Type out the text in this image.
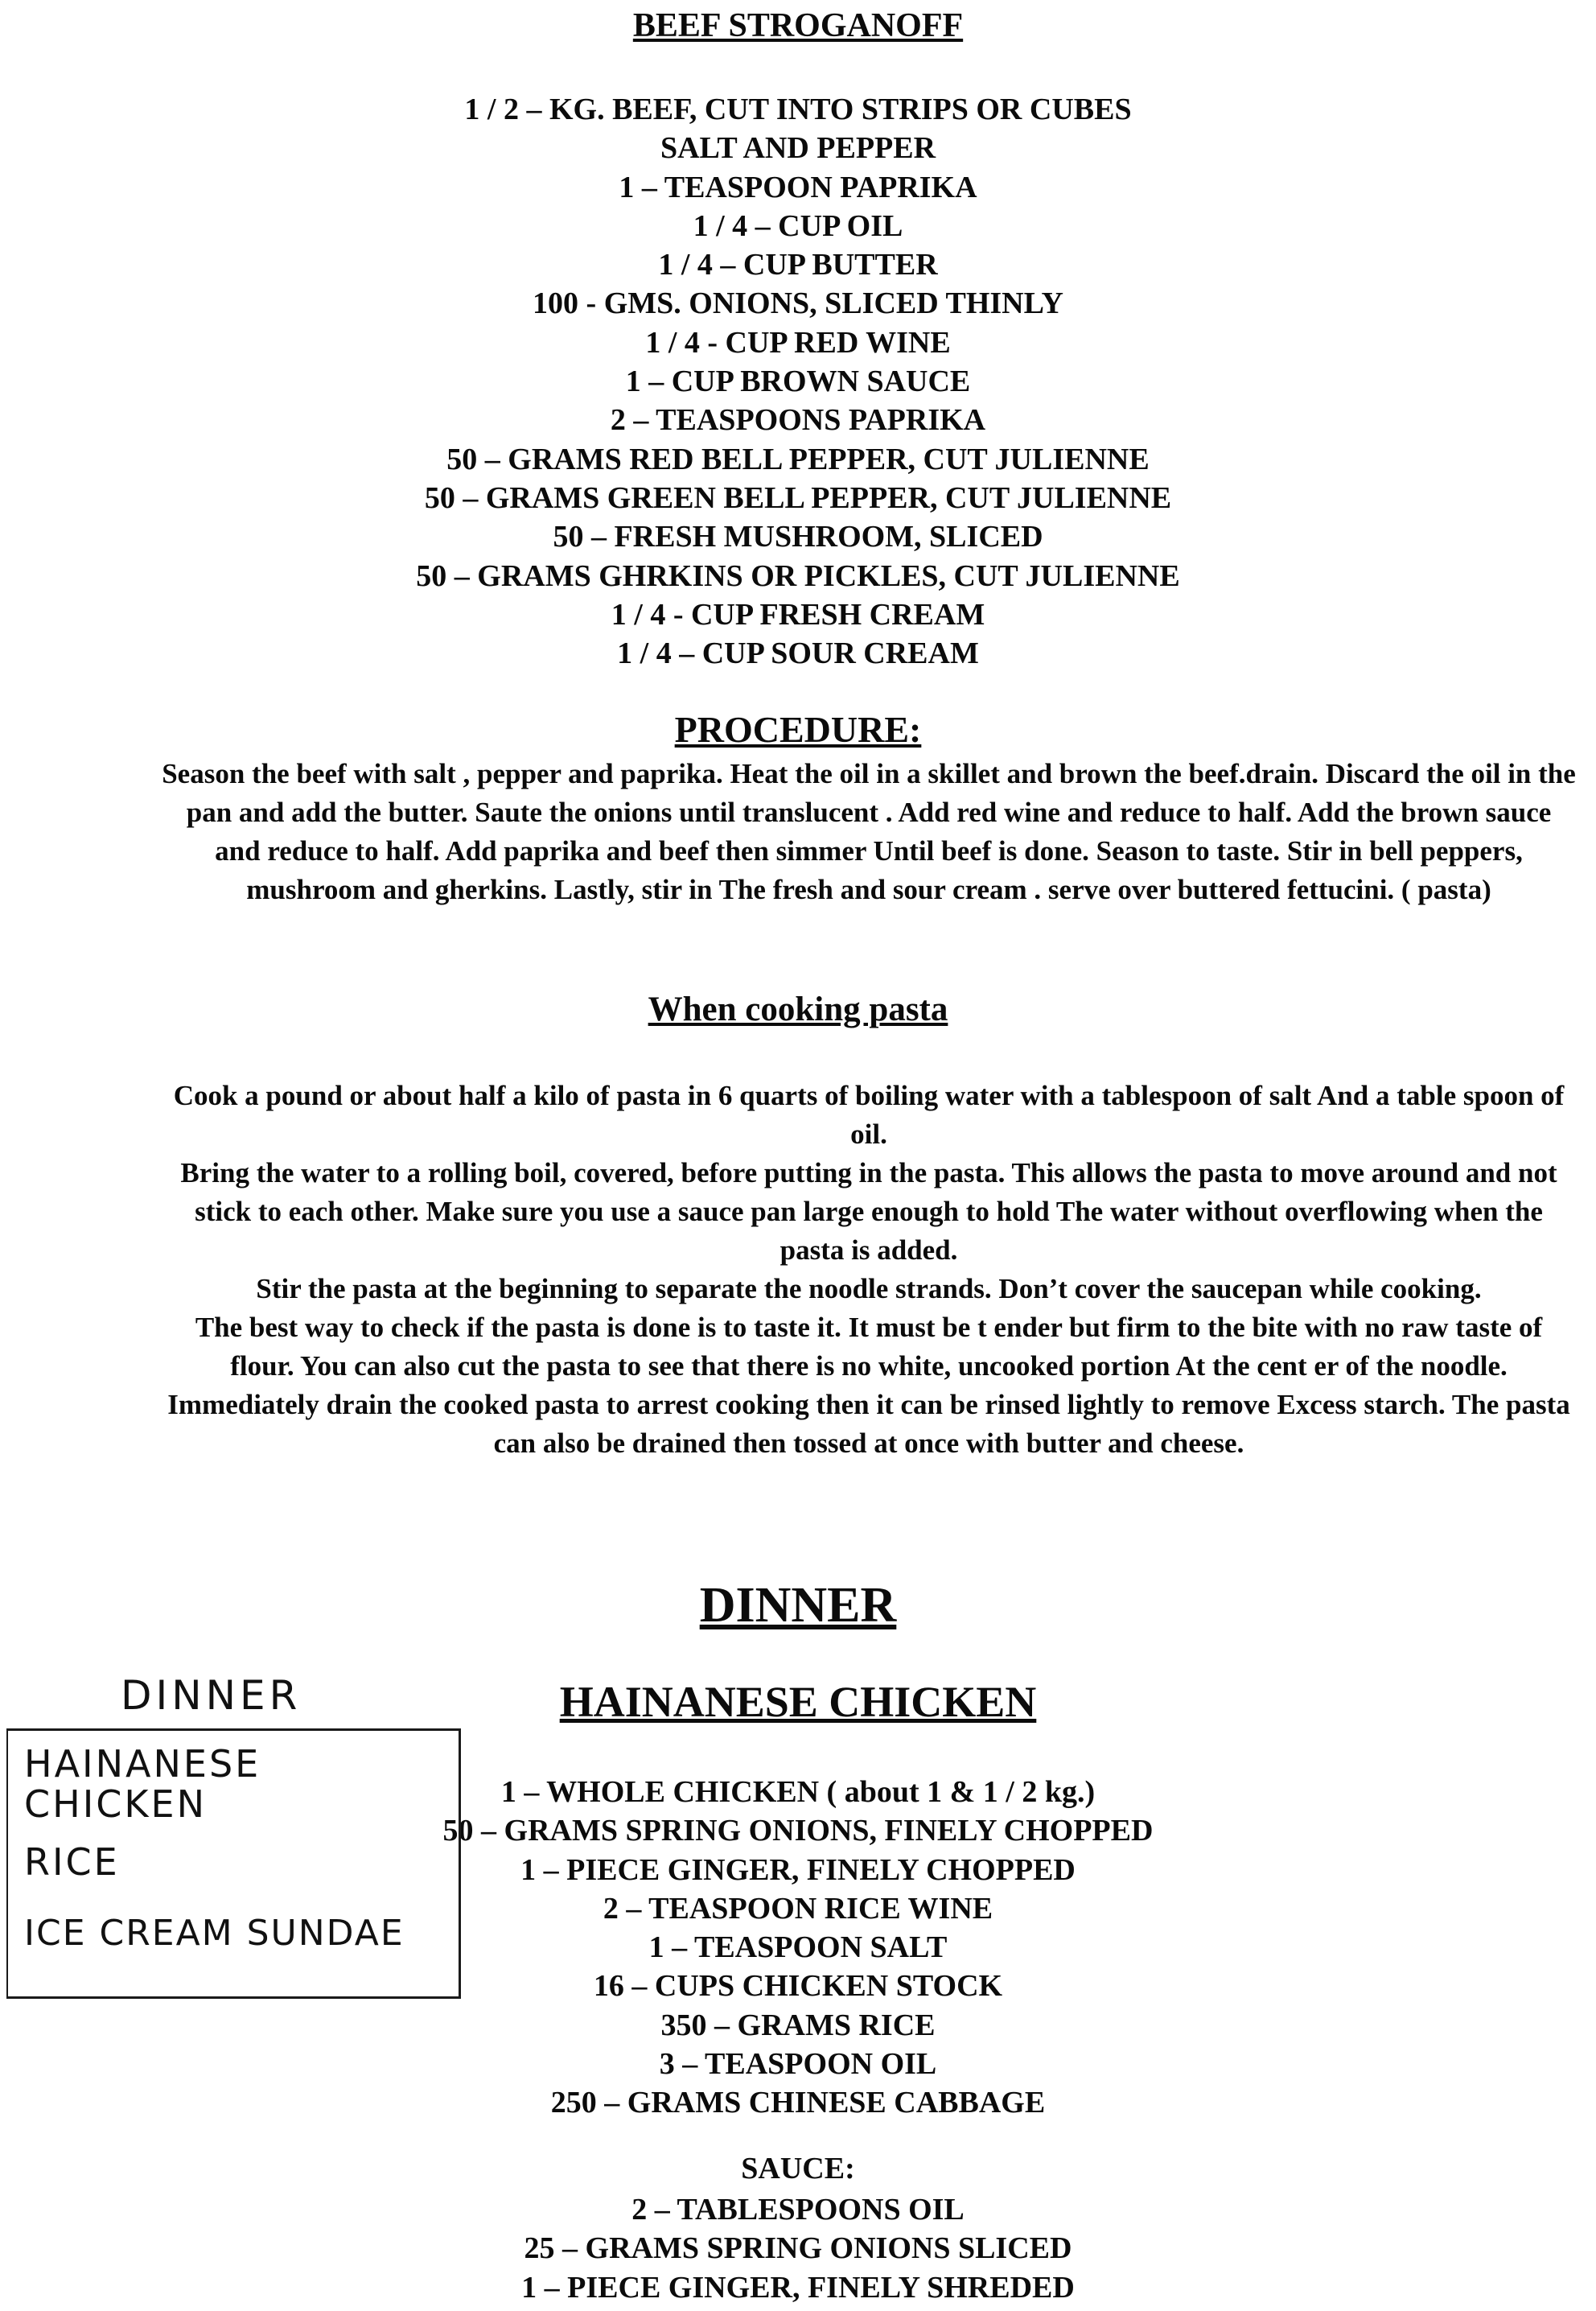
BEEF STROGANOFF
1 / 2 – KG. BEEF, CUT INTO STRIPS OR CUBES
SALT AND PEPPER
1 – TEASPOON PAPRIKA
1 / 4 – CUP OIL
1 / 4 – CUP BUTTER
100 - GMS. ONIONS, SLICED THINLY
1 / 4 - CUP RED WINE
1 – CUP BROWN SAUCE
2 – TEASPOONS PAPRIKA
50 – GRAMS RED BELL PEPPER, CUT JULIENNE
50 – GRAMS GREEN BELL PEPPER, CUT JULIENNE
50 – FRESH MUSHROOM, SLICED
50 – GRAMS GHRKINS OR PICKLES, CUT JULIENNE
1 / 4 - CUP FRESH CREAM
1 / 4 – CUP SOUR CREAM
PROCEDURE:
Season the beef with salt , pepper and paprika. Heat the oil in a skillet and brown the beef.drain. Discard the oil in the pan and add the butter. Saute the onions until translucent . Add red wine and reduce to half. Add the brown sauce and reduce to half. Add paprika and beef then simmer Until beef is done. Season to taste. Stir in bell peppers, mushroom and gherkins. Lastly, stir in The fresh and sour cream . serve over buttered fettucini. ( pasta)
When cooking pasta
Cook a pound or about half a kilo of pasta in 6 quarts of boiling water with a tablespoon of salt And a table spoon of oil.
Bring the water to a rolling boil, covered, before putting in the pasta. This allows the pasta to move around and not stick to each other. Make sure you use a sauce pan large enough to hold The water without overflowing when the pasta is added.
Stir the pasta at the beginning to separate the noodle strands. Don’t cover the saucepan while cooking.
The best way to check if the pasta is done is to taste it. It must be t ender but firm to the bite with no raw taste of flour. You can also cut the pasta to see that there is no white, uncooked portion At the cent er of the noodle.
Immediately drain the cooked pasta to arrest cooking then it can be rinsed lightly to remove Excess starch. The pasta can also be drained then tossed at once with butter and cheese.
DINNER
HAINANESE CHICKEN
1 – WHOLE CHICKEN ( about 1 & 1 / 2 kg.)
50 – GRAMS SPRING ONIONS, FINELY CHOPPED
1 – PIECE GINGER, FINELY CHOPPED
2 – TEASPOON RICE WINE
1 – TEASPOON SALT
16 – CUPS CHICKEN STOCK
350 – GRAMS RICE
3 – TEASPOON OIL
250 – GRAMS CHINESE CABBAGE
SAUCE:
2 – TABLESPOONS OIL
25 – GRAMS SPRING ONIONS SLICED
1 – PIECE GINGER, FINELY SHREDED
DINNER
HAINANESE
CHICKEN
RICE
ICE CREAM SUNDAE
